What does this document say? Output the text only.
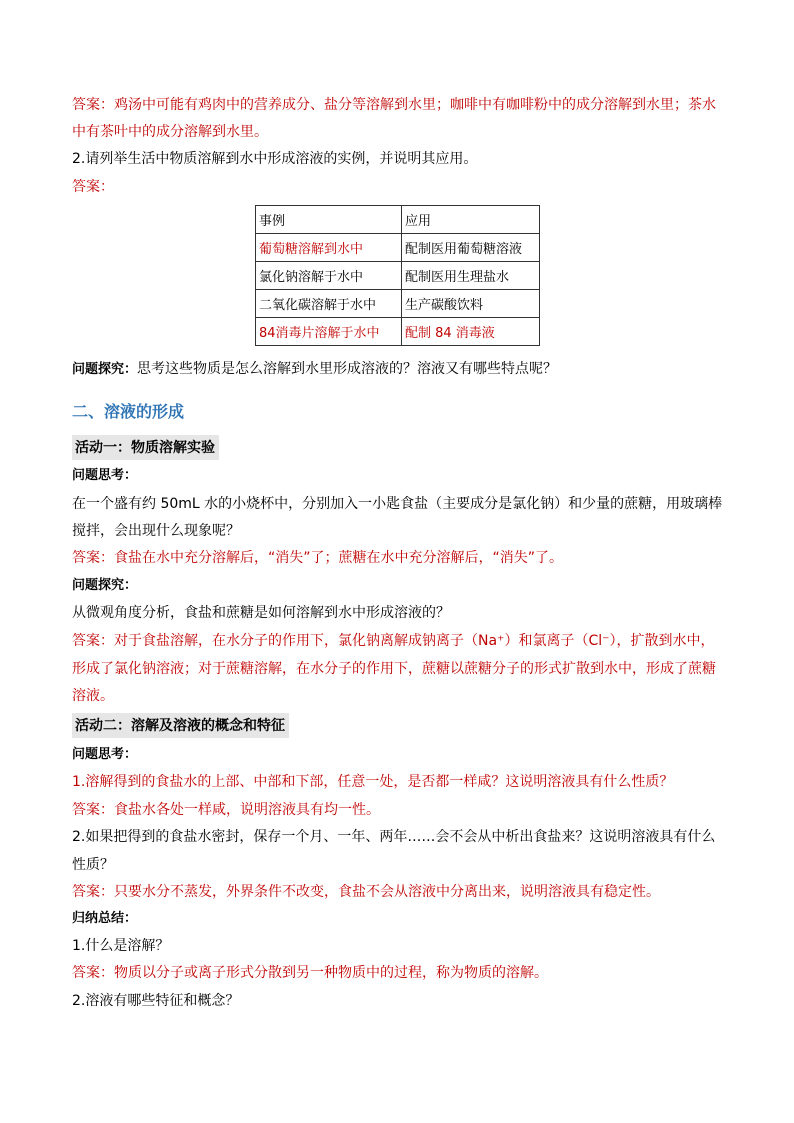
答案：鸡汤中可能有鸡肉中的营养成分、盐分等溶解到水里；咖啡中有咖啡粉中的成分溶解到水里；茶水
中有茶叶中的成分溶解到水里。
2.请列举生活中物质溶解到水中形成溶液的实例，并说明其应用。
答案：
事例	应用
葡萄糖溶解到水中	配制医用葡萄糖溶液
氯化钠溶解于水中	配制医用生理盐水
二氧化碳溶解于水中	生产碳酸饮料
84消毒片溶解于水中	配制 84 消毒液
问题探究：思考这些物质是怎么溶解到水里形成溶液的？溶液又有哪些特点呢？
二、溶液的形成
活动一：物质溶解实验
问题思考：
在一个盛有约 50mL 水的小烧杯中，分别加入一小匙食盐（主要成分是氯化钠）和少量的蔗糖，用玻璃棒
搅拌，会出现什么现象呢？
答案：食盐在水中充分溶解后，“消失”了；蔗糖在水中充分溶解后，“消失”了。
问题探究：
从微观角度分析，食盐和蔗糖是如何溶解到水中形成溶液的？
答案：对于食盐溶解，在水分子的作用下，氯化钠离解成钠离子（Na⁺）和氯离子（Cl⁻），扩散到水中，
形成了氯化钠溶液；对于蔗糖溶解，在水分子的作用下，蔗糖以蔗糖分子的形式扩散到水中，形成了蔗糖
溶液。
活动二：溶解及溶液的概念和特征
问题思考：
1.溶解得到的食盐水的上部、中部和下部，任意一处，是否都一样咸？这说明溶液具有什么性质？
答案：食盐水各处一样咸，说明溶液具有均一性。
2.如果把得到的食盐水密封，保存一个月、一年、两年……会不会从中析出食盐来？这说明溶液具有什么
性质？
答案：只要水分不蒸发，外界条件不改变，食盐不会从溶液中分离出来，说明溶液具有稳定性。
归纳总结：
1.什么是溶解？
答案：物质以分子或离子形式分散到另一种物质中的过程，称为物质的溶解。
2.溶液有哪些特征和概念？
